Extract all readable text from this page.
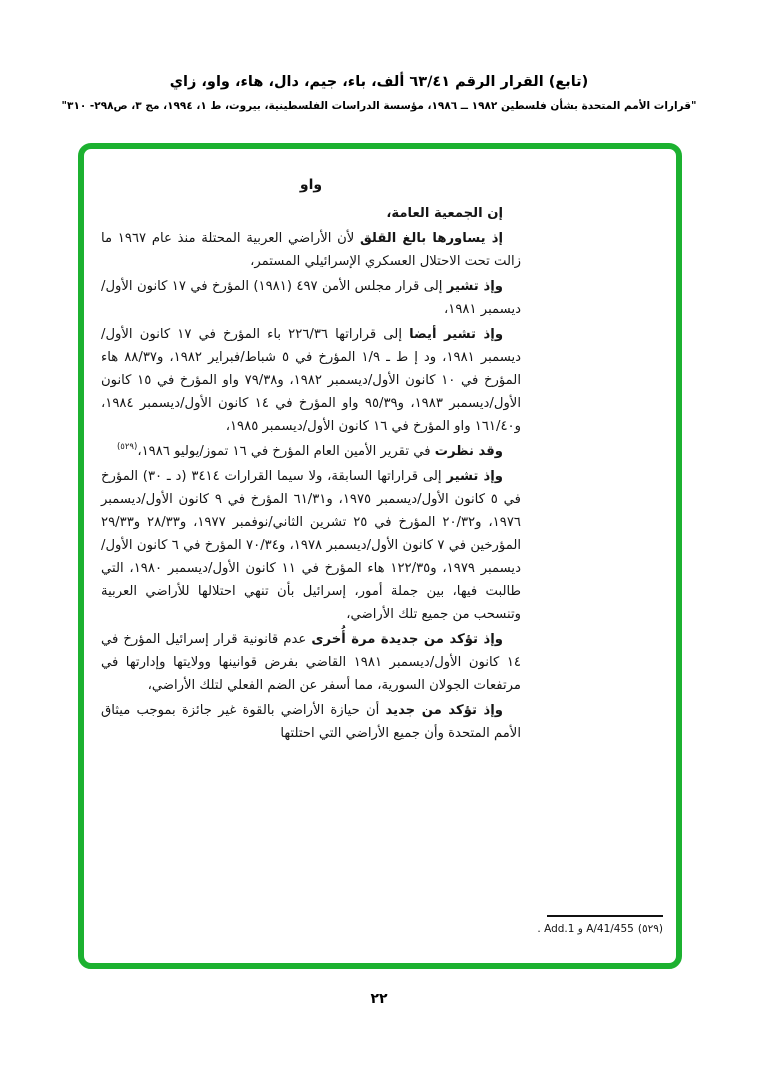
(تابع) القرار الرقم ٦٣/٤١ ألف، باء، جيم، دال، هاء، واو، زاي
"قرارات الأمم المتحدة بشأن فلسطين ١٩٨٢ ــ ١٩٨٦، مؤسسة الدراسات الفلسطينية، بيروت، ط ١، ١٩٩٤، مج ٣، ص٢٩٨- ٣١٠"
واو

إن الجمعية العامة،

إذ يساورها بالغ القلق لأن الأراضي العربية المحتلة منذ عام ١٩٦٧ ما زالت تحت الاحتلال العسكري الإسرائيلي المستمر،

وإذ تشير إلى قرار مجلس الأمن ٤٩٧ (١٩٨١) المؤرخ في ١٧ كانون الأول/ديسمبر ١٩٨١،

وإذ تشير أيضا إلى قراراتها ٢٢٦/٣٦ باء المؤرخ في ١٧ كانون الأول/ديسمبر ١٩٨١، ود إ ط ـ ١/٩ المؤرخ في ٥ شباط/فبراير ١٩٨٢، و٨٨/٣٧ هاء المؤرخ في ١٠ كانون الأول/ديسمبر ١٩٨٢، و٧٩/٣٨ واو المؤرخ في ١٥ كانون الأول/ديسمبر ١٩٨٣، و٩٥/٣٩ واو المؤرخ في ١٤ كانون الأول/ديسمبر ١٩٨٤، و١٦١/٤٠ واو المؤرخ في ١٦ كانون الأول/ديسمبر ١٩٨٥،

وقد نظرت في تقرير الأمين العام المؤرخ في ١٦ تموز/يوليو ١٩٨٦،$^{(٥٢٩)}$

وإذ تشير إلى قراراتها السابقة، ولا سيما القرارات ٣٤١٤ (د ـ ٣٠) المؤرخ في ٥ كانون الأول/ديسمبر ١٩٧٥، و٦١/٣١ المؤرخ في ٩ كانون الأول/ديسمبر ١٩٧٦، و٢٠/٣٢ المؤرخ في ٢٥ تشرين الثاني/نوفمبر ١٩٧٧، و٢٨/٣٣ و٢٩/٣٣ المؤرخين في ٧ كانون الأول/ديسمبر ١٩٧٨، و٧٠/٣٤ المؤرخ في ٦ كانون الأول/ديسمبر ١٩٧٩، و١٢٢/٣٥ هاء المؤرخ في ١١ كانون الأول/ديسمبر ١٩٨٠، التي طالبت فيها، بين جملة أمور، إسرائيل بأن تنهي احتلالها للأراضي العربية وتنسحب من جميع تلك الأراضي،

وإذ تؤكد من جديدة مرة أُخرى عدم قانونية قرار إسرائيل المؤرخ في ١٤ كانون الأول/ديسمبر ١٩٨١ القاضي بفرض قوانينها وولايتها وإدارتها في مرتفعات الجولان السورية، مما أسفر عن الضم الفعلي لتلك الأراضي،

وإذ تؤكد من جديد أن حيازة الأراضي بالقوة غير جائزة بموجب ميثاق الأمم المتحدة وأن جميع الأراضي التي احتلتها

(٥٢٩)A/41/455 و Add.1 .
٢٢
